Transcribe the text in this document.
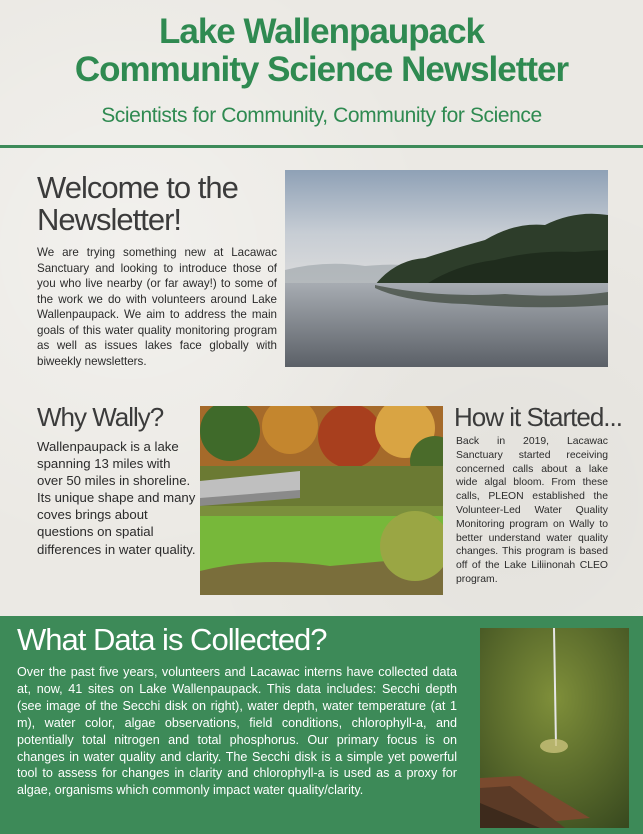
Lake Wallenpaupack
Community Science Newsletter
Scientists for Community, Community for Science
Welcome to the Newsletter!
We are trying something new at Lacawac Sanctuary and looking to introduce those of you who live nearby (or far away!) to some of the work we do with volunteers around Lake Wallenpaupack. We aim to address the main goals of this water quality monitoring program as well as issues lakes face globally with biweekly newsletters.
Why Wally?
Wallenpaupack is a lake spanning 13 miles with over 50 miles in shoreline. Its unique shape and many coves brings about questions on spatial differences in water quality.
How it Started...
Back in 2019, Lacawac Sanctuary started receiving concerned calls about a lake wide algal bloom. From these calls, PLEON established the Volunteer-Led Water Quality Monitoring program on Wally to better understand water quality changes. This program is based off of the Lake Liliinonah CLEO program.
What Data is Collected?
Over the past five years, volunteers and Lacawac interns have collected data at, now, 41 sites on Lake Wallenpaupack. This data includes: Secchi depth (see image of the Secchi disk on right), water depth, water temperature (at 1 m), water color, algae observations, field conditions, chlorophyll-a, and potentially total nitrogen and total phosphorus. Our primary focus is on changes in water quality and clarity. The Secchi disk is a simple yet powerful tool to assess for changes in clarity and chlorophyll-a is used as a proxy for algae, organisms which commonly impact water quality/clarity.
